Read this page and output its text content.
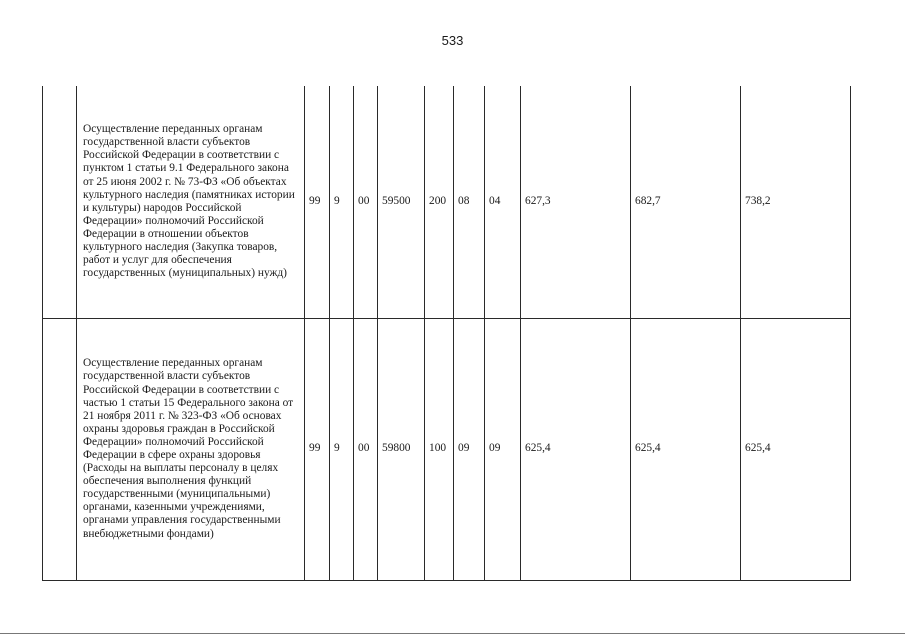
533
	Осуществление переданных органам государственной власти субъектов Российской Федерации в соответствии с пунктом 1 статьи 9.1 Федерального закона от 25 июня 2002 г. № 73-ФЗ «Об объектах культурного наследия (памятниках истории и культуры) народов Российской Федерации» полномочий Российской Федерации в отношении объектов культурного наследия (Закупка товаров, работ и услуг для обеспечения государственных (муниципальных) нужд)	99	9	00	59500	200	08	04	627,3	682,7	738,2
	Осуществление переданных органам государственной власти субъектов Российской Федерации в соответствии с частью 1 статьи 15 Федерального закона от 21 ноября 2011 г. № 323-ФЗ «Об основах охраны здоровья граждан в Российской Федерации» полномочий Российской Федерации в сфере охраны здоровья (Расходы на выплаты персоналу в целях обеспечения выполнения функций государственными (муниципальными) органами, казенными учреждениями, органами управления государственными внебюджетными фондами)	99	9	00	59800	100	09	09	625,4	625,4	625,4
